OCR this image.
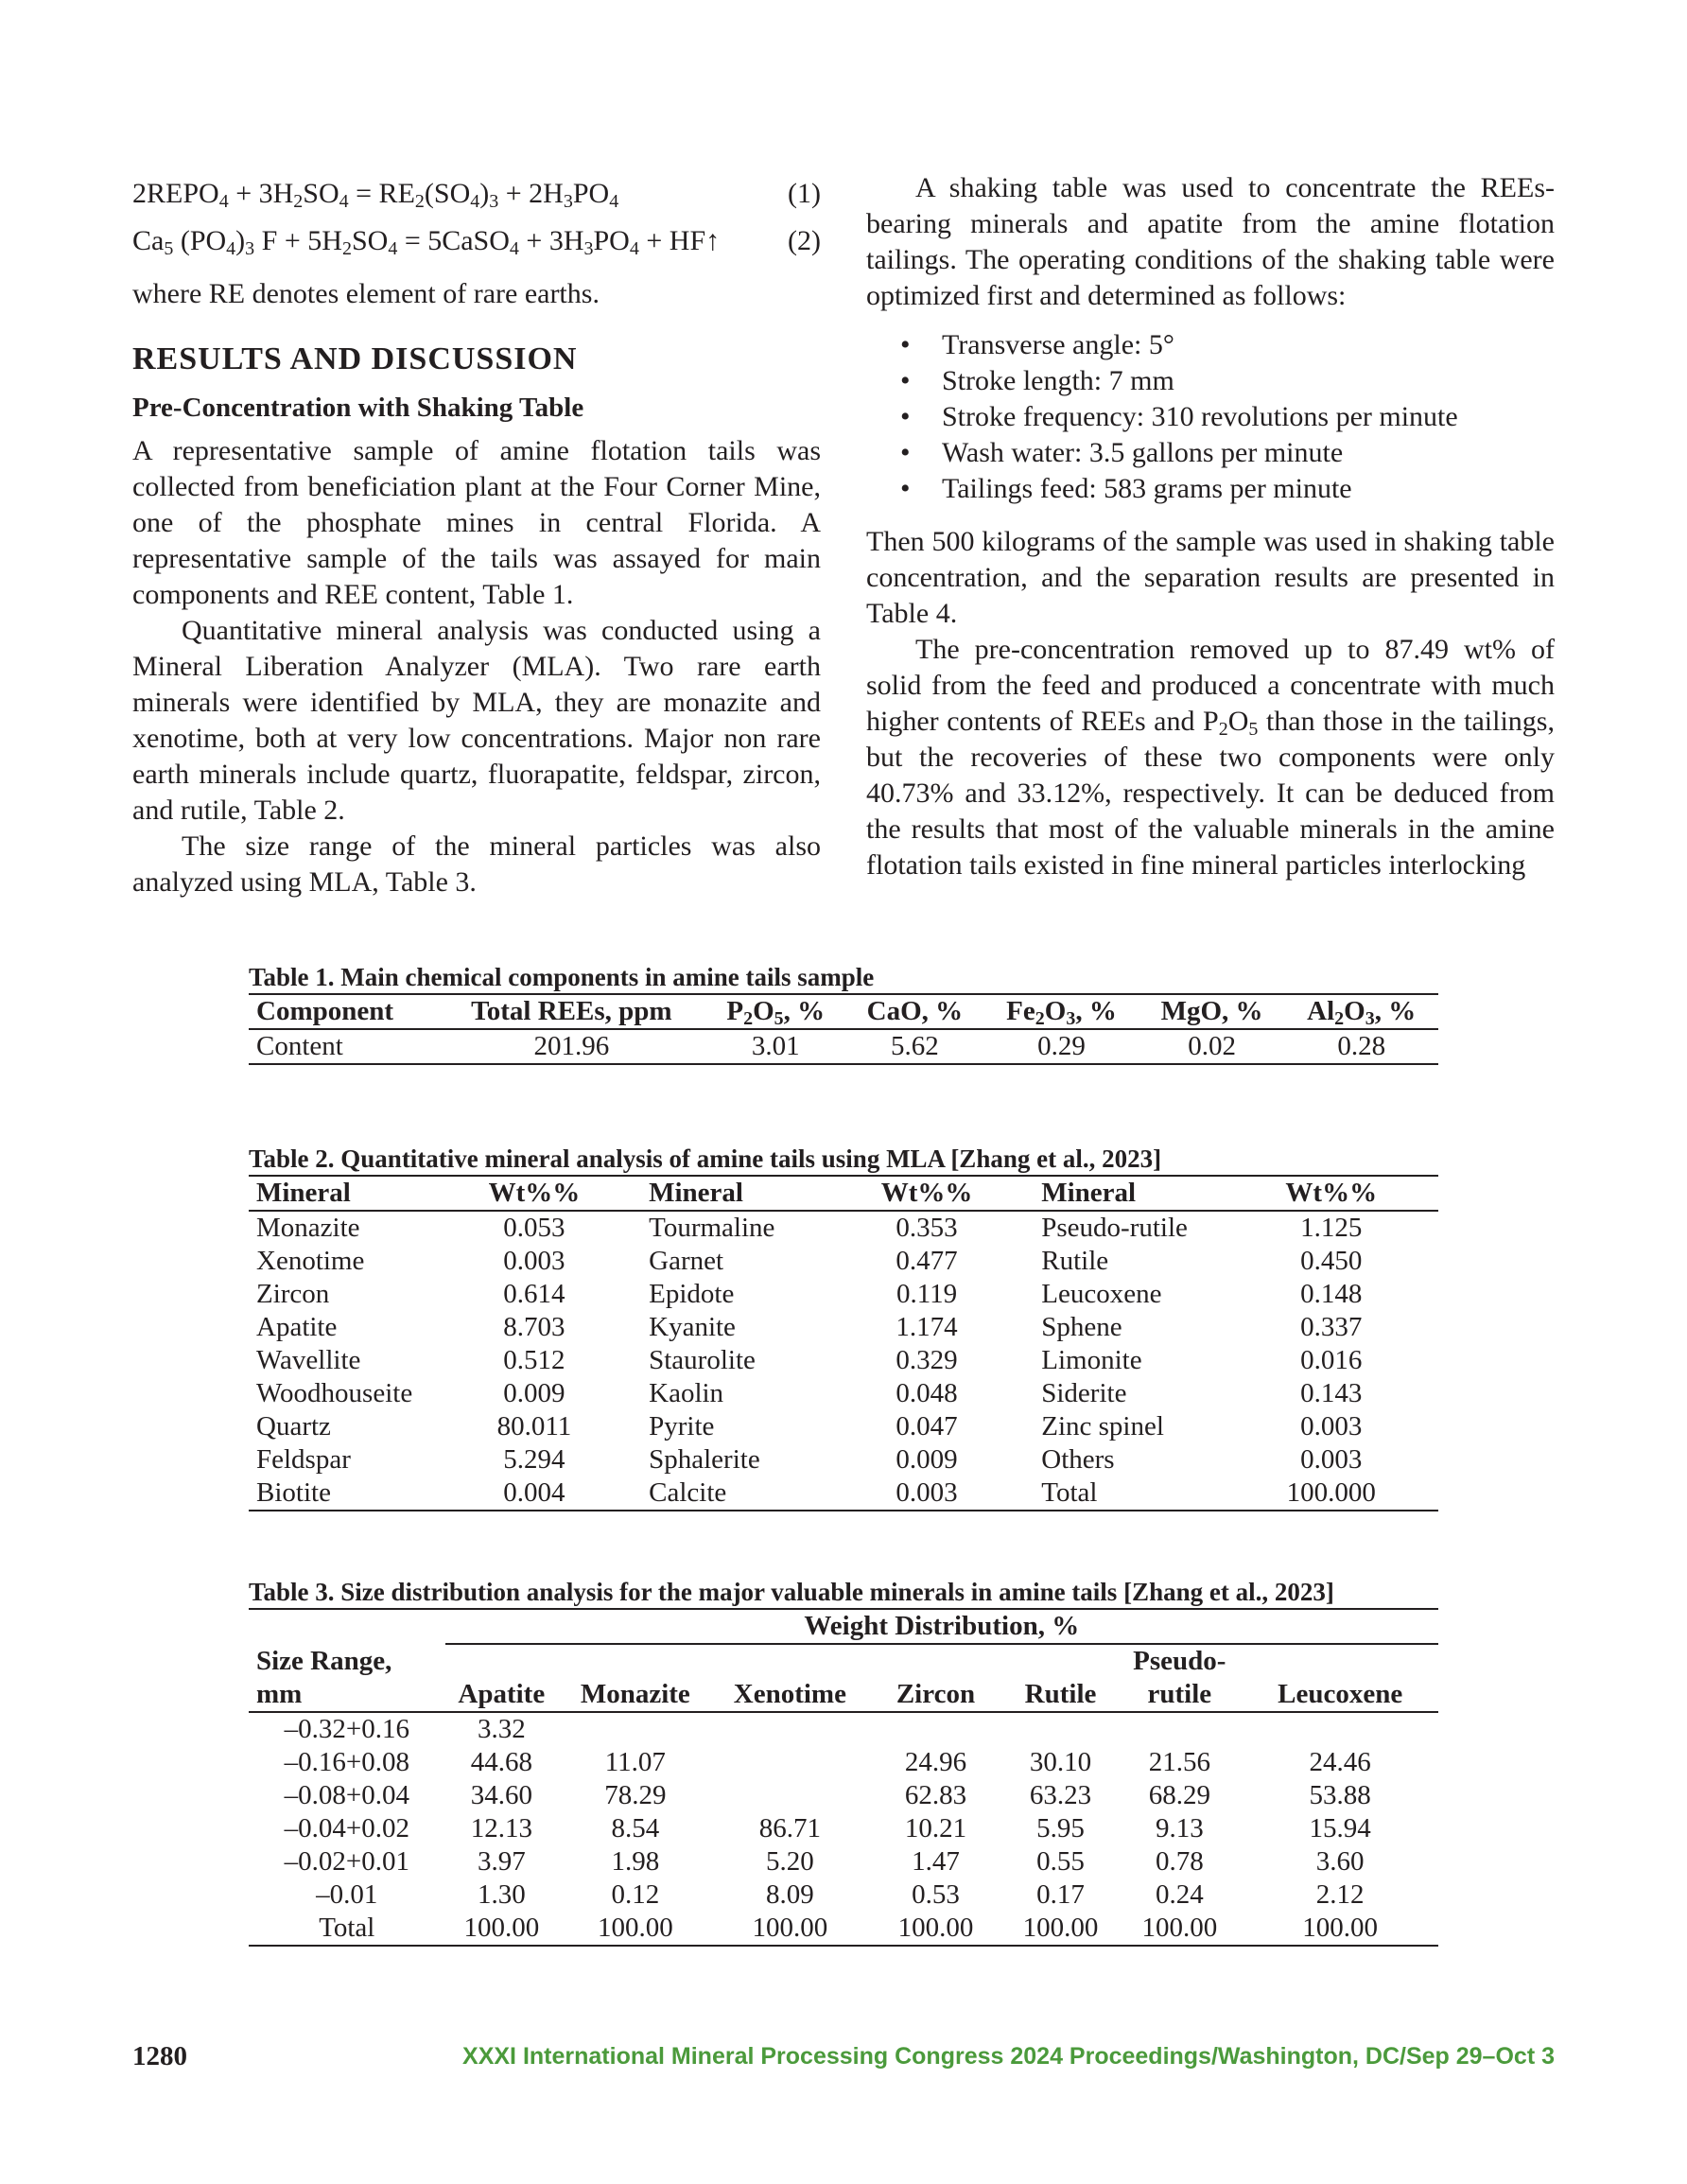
$2REPO_4 + 3H_2SO_4 = RE_2(SO_4)_3 + 2H_3PO_4$	(1)
$Ca_5$ $(PO_4)_3$ $F + 5H_2SO_4$ = 5CaSO$_4$ + $3H_3PO_4$ + HF↑ (2)

where RE denotes element of rare earths.

RESULTS AND DISCUSSION
Pre-Concentration with Shaking Table

A representative sample of amine flotation tails was collected from beneficiation plant at the Four Corner Mine, one of the phosphate mines in central Florida. A representative sample of the tails was assayed for main components and REE content, Table 1.

Quantitative mineral analysis was conducted using a Mineral Liberation Analyzer (MLA). Two rare earth minerals were identified by MLA, they are monazite and xenotime, both at very low concentrations. Major non rare earth minerals include quartz, fluorapatite, feldspar, zircon, and rutile, Table 2.

The size range of the mineral particles was also analyzed using MLA, Table 3.

A shaking table was used to concentrate the REEs-bearing minerals and apatite from the amine flotation tailings. The operating conditions of the shaking table were optimized first and determined as follows:

• Transverse angle: 5°
• Stroke length: 7 mm
• Stroke frequency: 310 revolutions per minute
• Wash water: 3.5 gallons per minute
• Tailings feed: 583 grams per minute

Then 500 kilograms of the sample was used in shaking table concentration, and the separation results are presented in Table 4.

The pre-concentration removed up to 87.49 wt% of solid from the feed and produced a concentrate with much higher contents of REEs and $P_2O_5$ than those in the tailings, but the recoveries of these two components were only 40.73% and 33.12%, respectively. It can be deduced from the results that most of the valuable minerals in the amine flotation tails existed in fine mineral particles interlocking

Table 1. Main chemical components in amine tails sample
Component	Total REEs, ppm	$P_2O_5$, %	CaO, %	$Fe_2O_3$, %	MgO, %	$Al_2O_3$, %
Content	201.96	3.01	5.62	0.29	0.02	0.28
Table 2. Quantitative mineral analysis of amine tails using MLA [Zhang et al., 2023]
Mineral	Wt%%	Mineral	Wt%%	Mineral	Wt%%
Monazite	0.053	Tourmaline	0.353	Pseudo-rutile	1.125
Xenotime	0.003	Garnet	0.477	Rutile	0.450
Zircon	0.614	Epidote	0.119	Leucoxene	0.148
Apatite	8.703	Kyanite	1.174	Sphene	0.337
Wavellite	0.512	Staurolite	0.329	Limonite	0.016
Woodhouseite	0.009	Kaolin	0.048	Siderite	0.143
Quartz	80.011	Pyrite	0.047	Zinc spinel	0.003
Feldspar	5.294	Sphalerite	0.009	Others	0.003
Biotite	0.004	Calcite	0.003	Total	100.000
Table 3. Size distribution analysis for the major valuable minerals in amine tails [Zhang et al., 2023]
	Weight Distribution, %						
Size Range, mm						Pseudo-	
	Apatite	Monazite	Xenotime	Zircon	Rutile	rutile	Leucoxene
–0.32+0.16	3.32						
–0.16+0.08	44.68	11.07		24.96	30.10	21.56	24.46
–0.08+0.04	34.60	78.29		62.83	63.23	68.29	53.88
–0.04+0.02	12.13	8.54	86.71	10.21	5.95	9.13	15.94
–0.02+0.01	3.97	1.98	5.20	1.47	0.55	0.78	3.60
–0.01	1.30	0.12	8.09	0.53	0.17	0.24	2.12
Total	100.00	100.00	100.00	100.00	100.00	100.00	100.00
1280	XXXI International Mineral Processing Congress 2024 Proceedings/Washington, DC/Sep 29–Oct 3
